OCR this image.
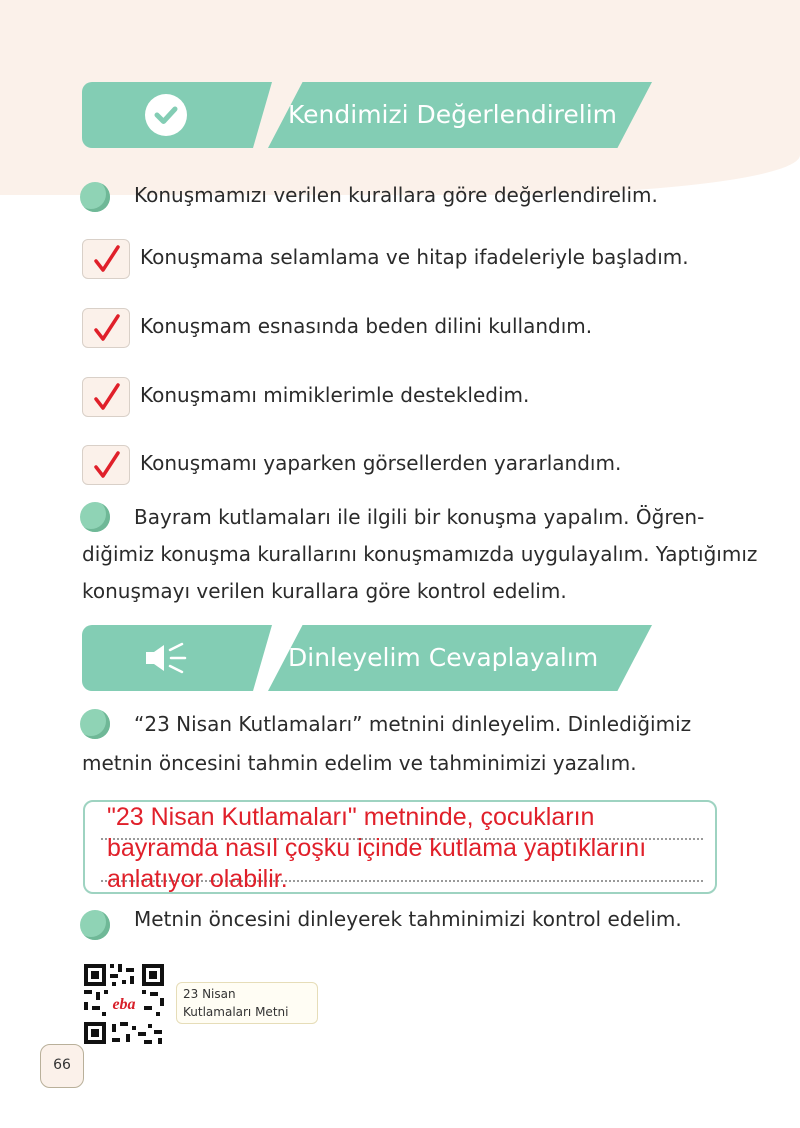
Kendimizi Değerlendirelim
Konuşmamızı verilen kurallara göre değerlendirelim.
Konuşmama selamlama ve hitap ifadeleriyle başladım.
Konuşmam esnasında beden dilini kullandım.
Konuşmamı mimiklerimle destekledim.
Konuşmamı yaparken görsellerden yararlandım.
Bayram kutlamaları ile ilgili bir konuşma yapalım. Öğren-
diğimiz konuşma kurallarını konuşmamızda uygulayalım. Yaptığımız
konuşmayı verilen kurallara göre kontrol edelim.
Dinleyelim Cevaplayalım
“23 Nisan Kutlamaları” metnini dinleyelim. Dinlediğimiz
metnin öncesini tahmin edelim ve tahminimizi yazalım.
"23 Nisan Kutlamaları" metninde, çocukların bayramda nasıl çoşku içinde kutlama yaptıklarını anlatıyor olabilir.
Metnin öncesini dinleyerek tahminimizi kontrol edelim.
eba
23 Nisan
Kutlamaları Metni
66
